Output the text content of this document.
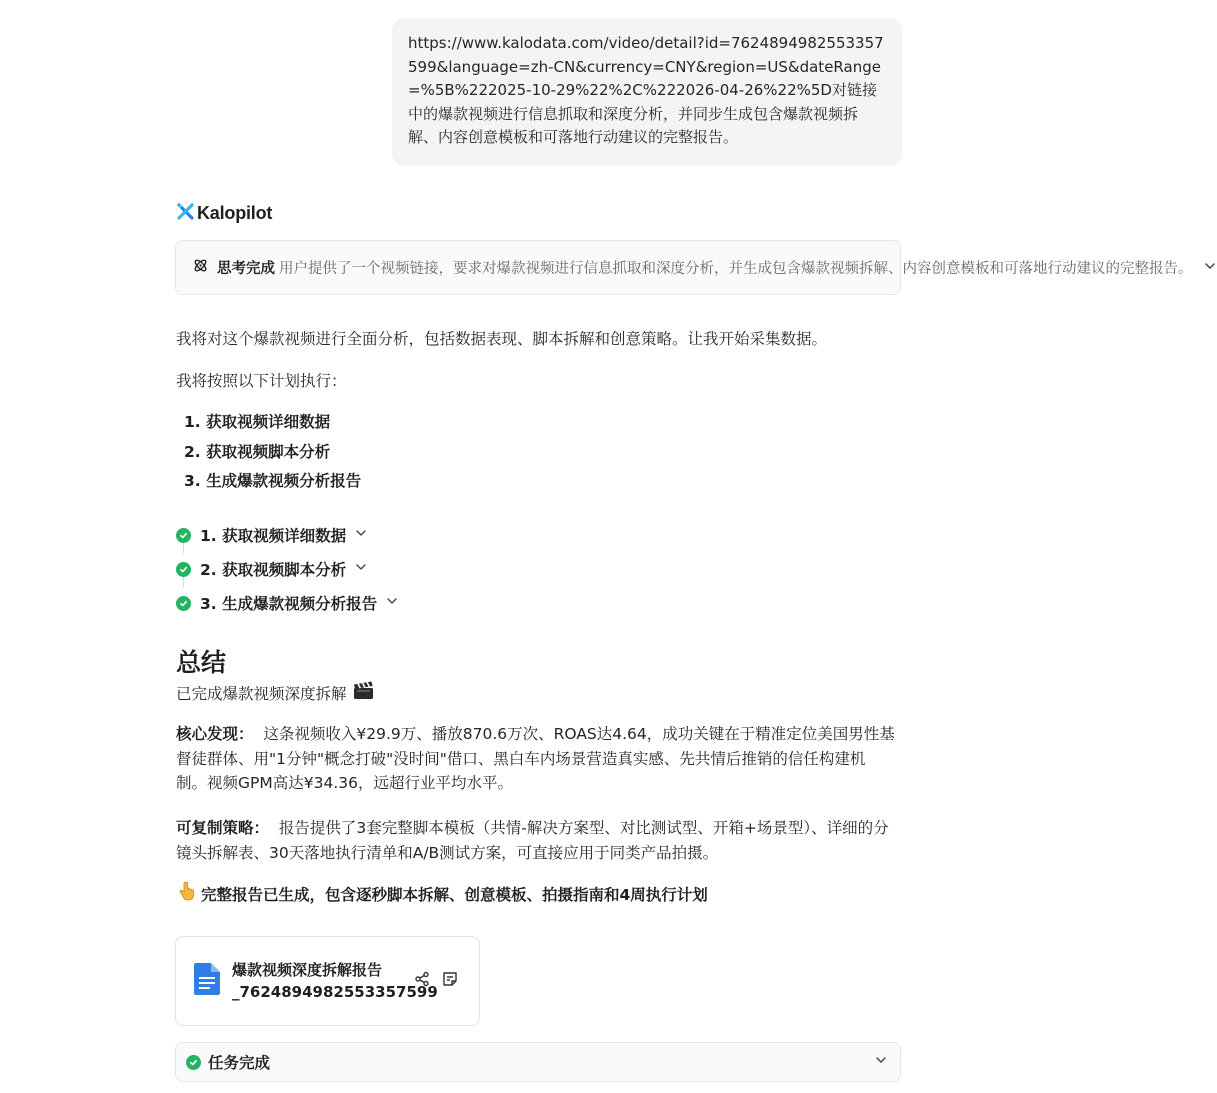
https://www.kalodata.com/video/detail?id=7624894982553357599&language=zh-CN&currency=CNY&region=US&dateRange=%5B%222025-10-29%22%2C%222026-04-26%22%5D对链接中的爆款视频进行信息抓取和深度分析，并同步生成包含爆款视频拆解、内容创意模板和可落地行动建议的完整报告。
Kalopilot
思考完成 用户提供了一个视频链接，要求对爆款视频进行信息抓取和深度分析，并生成包含爆款视频拆解、内容创意模板和可落地行动建议的完整报告。
我将对这个爆款视频进行全面分析，包括数据表现、脚本拆解和创意策略。让我开始采集数据。
我将按照以下计划执行：
1. 获取视频详细数据
2. 获取视频脚本分析
3. 生成爆款视频分析报告
1. 获取视频详细数据
2. 获取视频脚本分析
3. 生成爆款视频分析报告
总结
已完成爆款视频深度拆解
核心发现： 这条视频收入¥29.9万、播放870.6万次、ROAS达4.64，成功关键在于精准定位美国男性基督徒群体、用"1分钟"概念打破"没时间"借口、黑白车内场景营造真实感、先共情后推销的信任构建机制。视频GPM高达¥34.36，远超行业平均水平。
可复制策略： 报告提供了3套完整脚本模板（共情-解决方案型、对比测试型、开箱+场景型）、详细的分镜头拆解表、30天落地执行清单和A/B测试方案，可直接应用于同类产品拍摄。
完整报告已生成，包含逐秒脚本拆解、创意模板、拍摄指南和4周执行计划
爆款视频深度拆解报告
_7624894982553357599
任务完成
